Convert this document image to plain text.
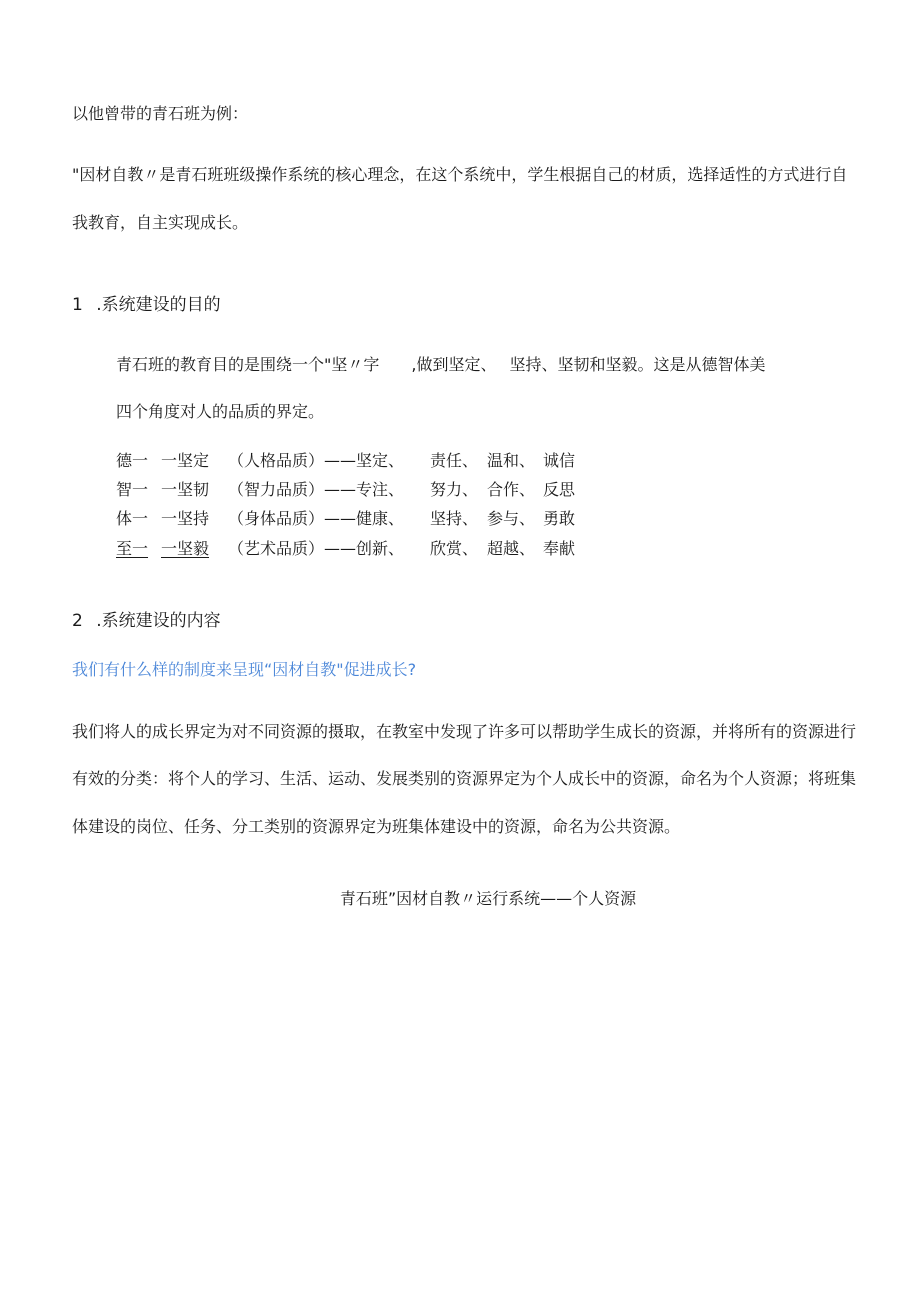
以他曾带的青石班为例：
"因材自教〃是青石班班级操作系统的核心理念，在这个系统中，学生根据自己的材质，选择适性的方式进行自
我教育，自主实现成长。
1 .系统建设的目的
青石班的教育目的是围绕一个"坚〃字　　,做到坚定、　 坚持、坚韧和坚毅。这是从德智体美
四个角度对人的品质的界定。
德一 一坚定 （人格品质）——坚定、 责任、 温和、 诚信
智一 一坚韧 （智力品质）——专注、 努力、 合作、 反思
体一 一坚持 （身体品质）——健康、 坚持、 参与、 勇敢
至一 一坚毅 （艺术品质）——创新、 欣赏、 超越、 奉献
2 .系统建设的内容
我们有什么样的制度来呈现“因材自教"促进成长?
我们将人的成长界定为对不同资源的摄取，在教室中发现了许多可以帮助学生成长的资源，并将所有的资源进行
有效的分类：将个人的学习、生活、运动、发展类别的资源界定为个人成长中的资源，命名为个人资源；将班集
体建设的岗位、任务、分工类别的资源界定为班集体建设中的资源，命名为公共资源。
青石班”因材自教〃运行系统——个人资源
